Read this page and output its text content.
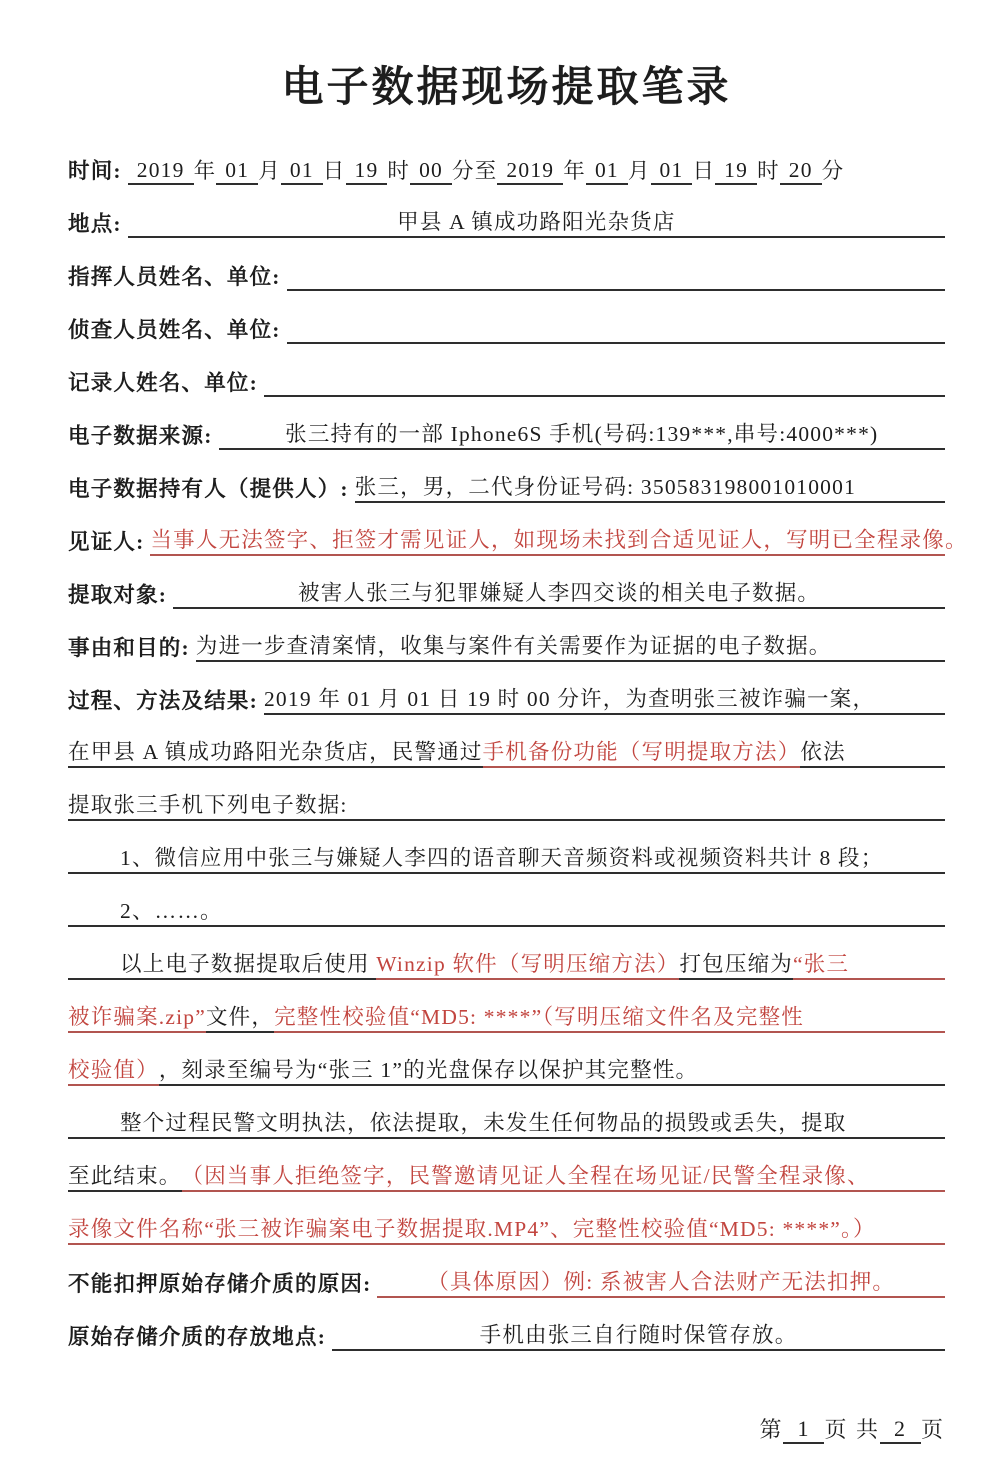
电子数据现场提取笔录
时间: 2019 年 01 月 01 日 19 时 00 分至 2019 年 01 月 01 日 19 时 20 分
地点:	甲县 A 镇成功路阳光杂货店
指挥人员姓名、单位:
侦查人员姓名、单位:
记录人姓名、单位:
电子数据来源:	张三持有的一部 Iphone6S 手机(号码:139***,串号:4000***)
电子数据持有人（提供人）: 张三，男，二代身份证号码: 350583198001010001
见证人: 当事人无法签字、拒签才需见证人，如现场未找到合适见证人，写明已全程录像。
提取对象:	被害人张三与犯罪嫌疑人李四交谈的相关电子数据。
事由和目的: 为进一步查清案情，收集与案件有关需要作为证据的电子数据。
过程、方法及结果: 2019 年 01 月 01 日 19 时 00 分许，为查明张三被诈骗一案，
在甲县 A 镇成功路阳光杂货店，民警通过 手机备份功能（写明提取方法） 依法
提取张三手机下列电子数据:
1、微信应用中张三与嫌疑人李四的语音聊天音频资料或视频资料共计 8 段；
2、……。
以上电子数据提取后使用 Winzip 软件（写明压缩方法） 打包压缩为 “张三
被诈骗案.zip” 文件， 完整性校验值“MD5: ****”（写明压缩文件名及完整性
校验值） ，刻录至编号为“张三 1”的光盘保存以保护其完整性。
整个过程民警文明执法，依法提取，未发生任何物品的损毁或丢失，提取
至此结束。 （因当事人拒绝签字，民警邀请见证人全程在场见证/民警全程录像、
录像文件名称“张三被诈骗案电子数据提取.MP4”、完整性校验值“MD5: ****”。）
不能扣押原始存储介质的原因:	（具体原因）例: 系被害人合法财产无法扣押。
原始存储介质的存放地点:	手机由张三自行随时保管存放。
第 1 页 共 2 页
